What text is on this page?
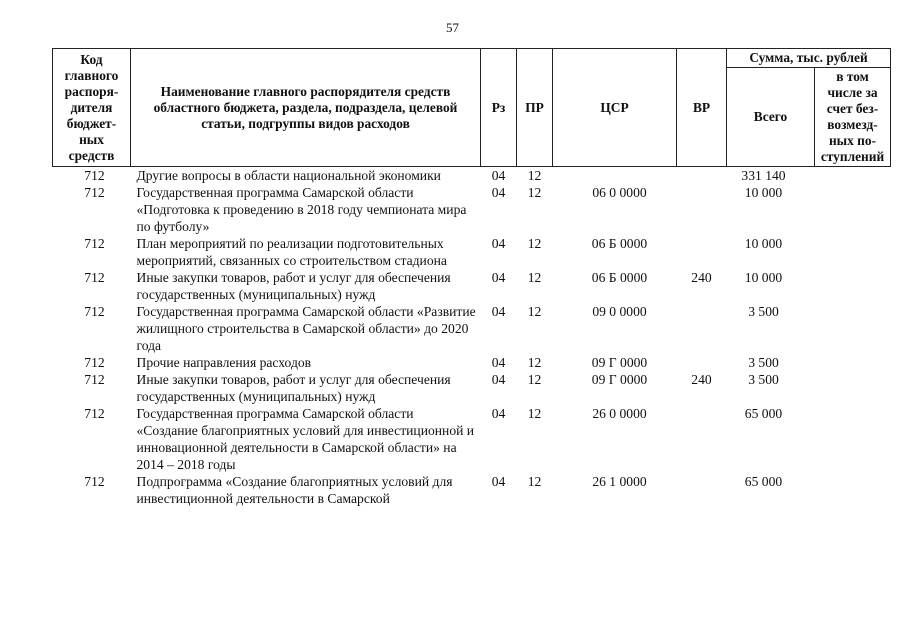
57
Код главного распоря-дителя бюджет-ных средств	Наименование главного распорядителя средств областного бюджета, раздела, подраздела, целевой статьи, подгруппы видов расходов	Рз	ПР	ЦСР	ВР	Сумма, тыс. рублей	
						Всего	в том числе за счет без-возмезд-ных по-ступлений
712	Другие вопросы в области национальной экономики	04	12			331 140	
712	Государственная программа Самарской области «Подготовка к проведению в 2018 году чемпионата мира по футболу»	04	12	06 0 0000		10 000	
712	План мероприятий по реализации подготовительных мероприятий, связанных со строительством стадиона	04	12	06 Б 0000		10 000	
712	Иные закупки товаров, работ и услуг для обеспечения государственных (муниципальных) нужд	04	12	06 Б 0000	240	10 000	
712	Государственная программа Самарской области «Развитие жилищного строительства в Самарской области» до 2020 года	04	12	09 0 0000		3 500	
712	Прочие направления расходов	04	12	09 Г 0000		3 500	
712	Иные закупки товаров, работ и услуг для обеспечения государственных (муниципальных) нужд	04	12	09 Г 0000	240	3 500	
712	Государственная программа Самарской области «Создание благоприятных условий для инвестиционной и инновационной деятельности в Самарской области» на 2014 – 2018 годы	04	12	26 0 0000		65 000	
712	Подпрограмма «Создание благоприятных условий для инвестиционной деятельности в Самарской	04	12	26 1 0000		65 000	
